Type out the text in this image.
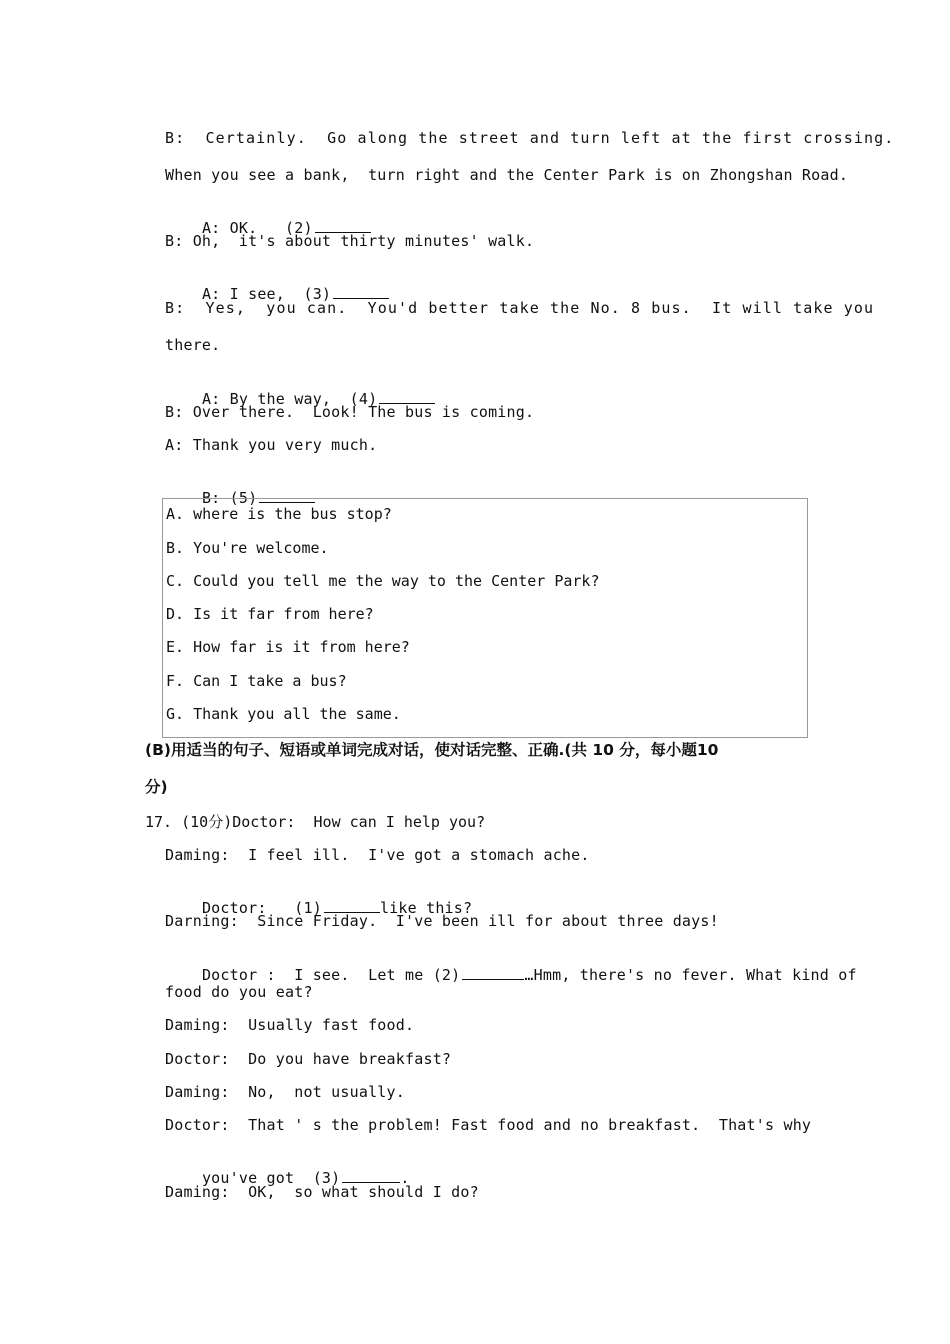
B:  Certainly.  Go along the street and turn left at the first crossing.
When you see a bank,  turn right and the Center Park is on Zhongshan Road.

A: OK.   (2)

B: Oh,  it's about thirty minutes' walk.

A: I see,  (3)

B:  Yes,  you can.  You'd better take the No. 8 bus.  It will take you
there.

A: By the way,  (4)

B: Over there.  Look! The bus is coming.
A: Thank you very much.

B: (5)

A. where is the bus stop?
B. You're welcome.
C. Could you tell me the way to the Center Park?
D. Is it far from here?
E. How far is it from here?
F. Can I take a bus?
G. Thank you all the same.
(B)用适当的句子、短语或单词完成对话，使对话完整、正确.(共 10 分，每小题10
分)
17. (10分)Doctor:  How can I help you?
Daming:  I feel ill.  I've got a stomach ache.

Doctor:   (1)	like this?

Darning:  Since Friday.  I've been ill for about three days!

Doctor :  I see.  Let me (2)	…Hmm, there's no fever. What kind of

food do you eat?
Daming:  Usually fast food.
Doctor:  Do you have breakfast?
Daming:  No,  not usually.
Doctor:  That ' s the problem! Fast food and no breakfast.  That's why

you've got  (3)	.

Daming:  OK,  so what should I do?
